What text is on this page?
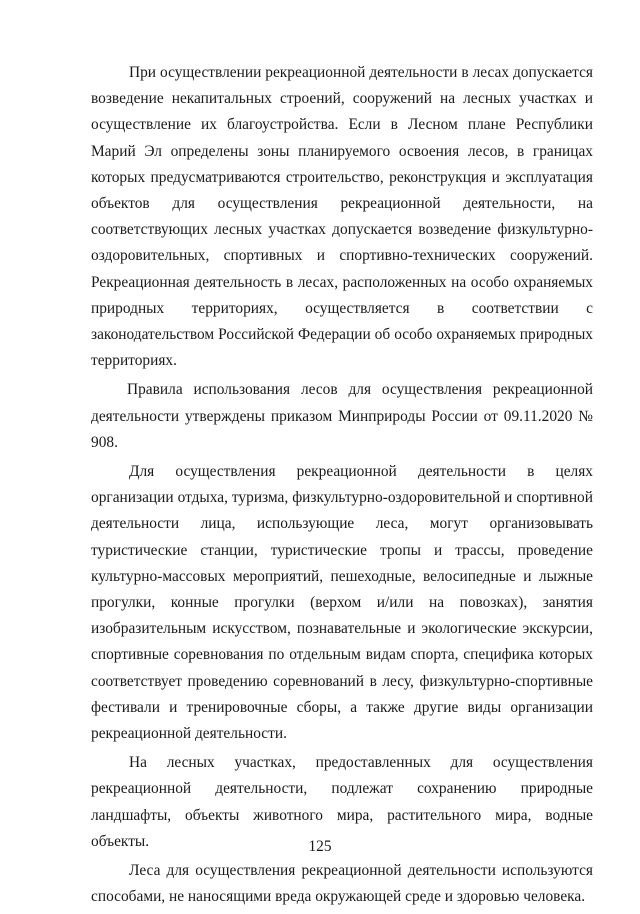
При осуществлении рекреационной деятельности в лесах допускается возведение некапитальных строений, сооружений на лесных участках и осуществление их благоустройства. Если в Лесном плане Республики Марий Эл определены зоны планируемого освоения лесов, в границах которых предусматриваются строительство, реконструкция и эксплуатация объектов для осуществления рекреационной деятельности, на соответствующих лесных участках допускается возведение физкультурно-оздоровительных, спортивных и спортивно-технических сооружений. Рекреационная деятельность в лесах, расположенных на особо охраняемых природных территориях, осуществляется в соответствии с законодательством Российской Федерации об особо охраняемых природных территориях.

Правила использования лесов для осуществления рекреационной деятельности утверждены приказом Минприроды России от 09.11.2020 № 908.

Для осуществления рекреационной деятельности в целях организации отдыха, туризма, физкультурно-оздоровительной и спортивной деятельности лица, использующие леса, могут организовывать туристические станции, туристические тропы и трассы, проведение культурно-массовых мероприятий, пешеходные, велосипедные и лыжные прогулки, конные прогулки (верхом и/или на повозках), занятия изобразительным искусством, познавательные и экологические экскурсии, спортивные соревнования по отдельным видам спорта, специфика которых соответствует проведению соревнований в лесу, физкультурно-спортивные фестивали и тренировочные сборы, а также другие виды организации рекреационной деятельности.

На лесных участках, предоставленных для осуществления рекреационной деятельности, подлежат сохранению природные ландшафты, объекты животного мира, растительного мира, водные объекты.

Леса для осуществления рекреационной деятельности используются способами, не наносящими вреда окружающей среде и здоровью человека.

125
